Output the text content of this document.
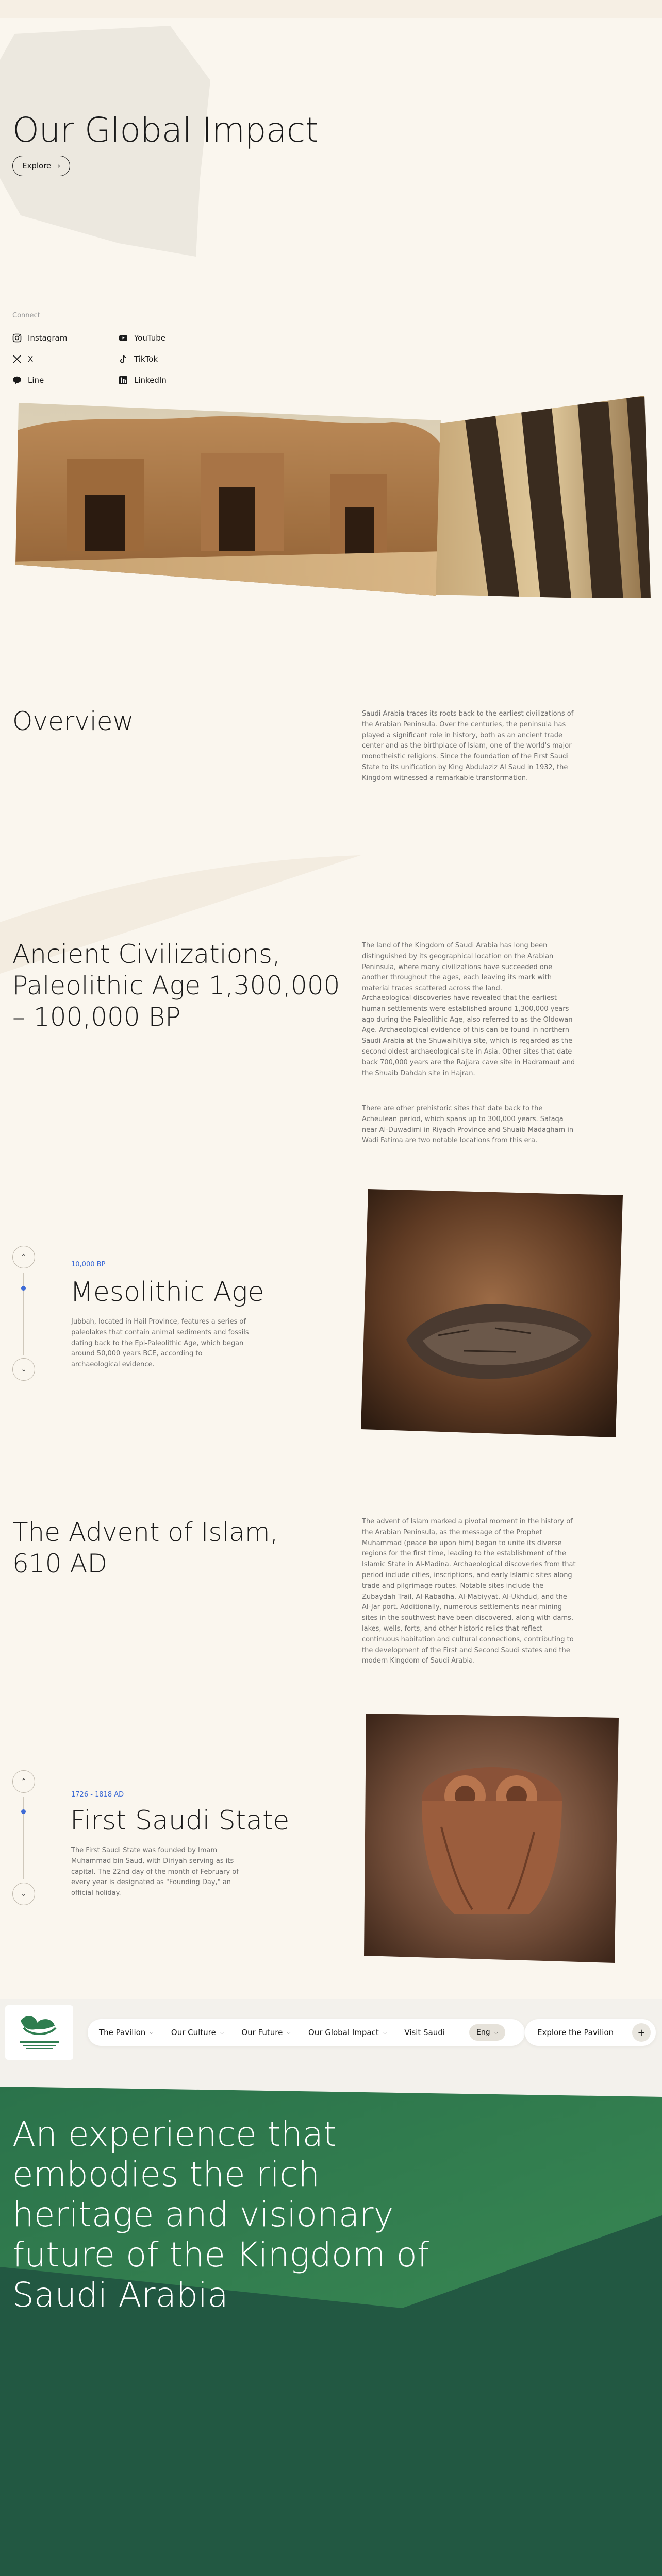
Our Global Impact
Explore ›
Connect
Instagram
X
Line
YouTube
TikTok
LinkedIn
Overview	Saudi Arabia traces its roots back to the earliest civilizations of the Arabian Peninsula. Over the centuries, the peninsula has played a significant role in history, both as an ancient trade center and as the birthplace of Islam, one of the world's major monotheistic religions. Since the foundation of the First Saudi State to its unification by King Abdulaziz Al Saud in 1932, the Kingdom witnessed a remarkable transformation.

Ancient Civilizations, Paleolithic Age 1,300,000 – 100,000 BP

The land of the Kingdom of Saudi Arabia has long been distinguished by its geographical location on the Arabian Peninsula, where many civilizations have succeeded one another throughout the ages, each leaving its mark with material traces scattered across the land.

Archaeological discoveries have revealed that the earliest human settlements were established around 1,300,000 years ago during the Paleolithic Age, also referred to as the Oldowan Age. Archaeological evidence of this can be found in northern Saudi Arabia at the Shuwaihitiya site, which is regarded as the second oldest archaeological site in Asia. Other sites that date back 700,000 years are the Rajjara cave site in Hadramaut and the Shuaib Dahdah site in Hajran.

There are other prehistoric sites that date back to the Acheulean period, which spans up to 300,000 years. Safaqa near Al-Duwadimi in Riyadh Province and Shuaib Madagham in Wadi Fatima are two notable locations from this era.

⌃
⌄
10,000 BP
Mesolithic Age

Jubbah, located in Hail Province, features a series of paleolakes that contain animal sediments and fossils dating back to the Epi-Paleolithic Age, which began around 50,000 years BCE, according to archaeological evidence.

The Advent of Islam, 610 AD

The advent of Islam marked a pivotal moment in the history of the Arabian Peninsula, as the message of the Prophet Muhammad (peace be upon him) began to unite its diverse regions for the first time, leading to the establishment of the Islamic State in Al-Madina. Archaeological discoveries from that period include cities, inscriptions, and early Islamic sites along trade and pilgrimage routes. Notable sites include the Zubaydah Trail, Al-Rabadha, Al-Mabiyyat, Al-Ukhdud, and the Al-Jar port. Additionally, numerous settlements near mining sites in the southwest have been discovered, along with dams, lakes, wells, forts, and other historic relics that reflect continuous habitation and cultural connections, contributing to the development of the First and Second Saudi states and the modern Kingdom of Saudi Arabia.

⌃
⌄
1726 - 1818 AD
First Saudi State

The First Saudi State was founded by Imam Muhammad bin Saud, with Diriyah serving as its capital. The 22nd day of the month of February of every year is designated as "Founding Day," an official holiday.

The Pavilion ⌵ Our Culture ⌵ Our Future ⌵ Our Global Impact ⌵ Visit Saudi	Eng ⌵	Explore the Pavilion	+
An experience that embodies the rich heritage and visionary future of the Kingdom of Saudi Arabia
